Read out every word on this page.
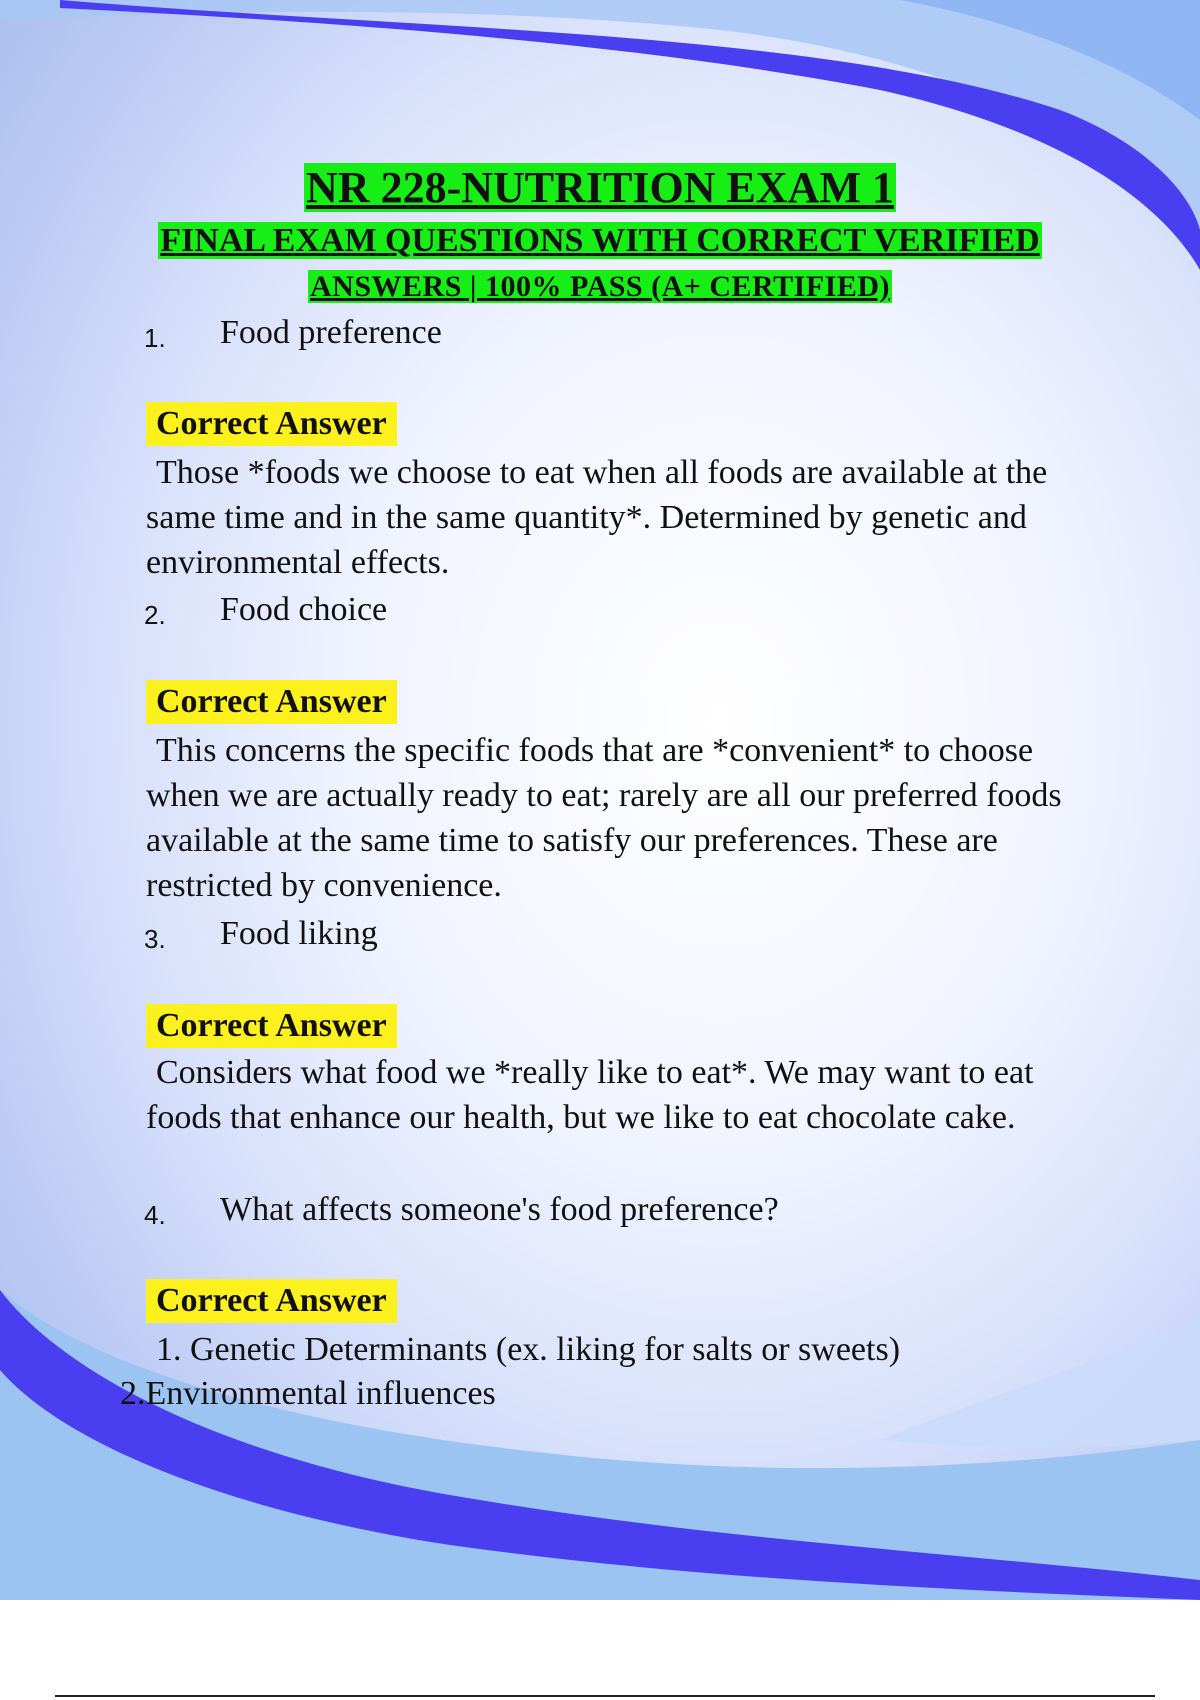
NR 228-NUTRITION EXAM 1
FINAL EXAM QUESTIONS WITH CORRECT VERIFIED
ANSWERS | 100% PASS (A+ CERTIFIED)
1. Food preference
Correct Answer
Those *foods we choose to eat when all foods are available at the same time and in the same quantity*. Determined by genetic and environmental effects.
2. Food choice
Correct Answer
This concerns the specific foods that are *convenient* to choose when we are actually ready to eat; rarely are all our preferred foods available at the same time to satisfy our preferences. These are restricted by convenience.
3. Food liking
Correct Answer
Considers what food we *really like to eat*. We may want to eat foods that enhance our health, but we like to eat chocolate cake.
4. What affects someone's food preference?
Correct Answer
1. Genetic Determinants (ex. liking for salts or sweets)
2.Environmental influences
